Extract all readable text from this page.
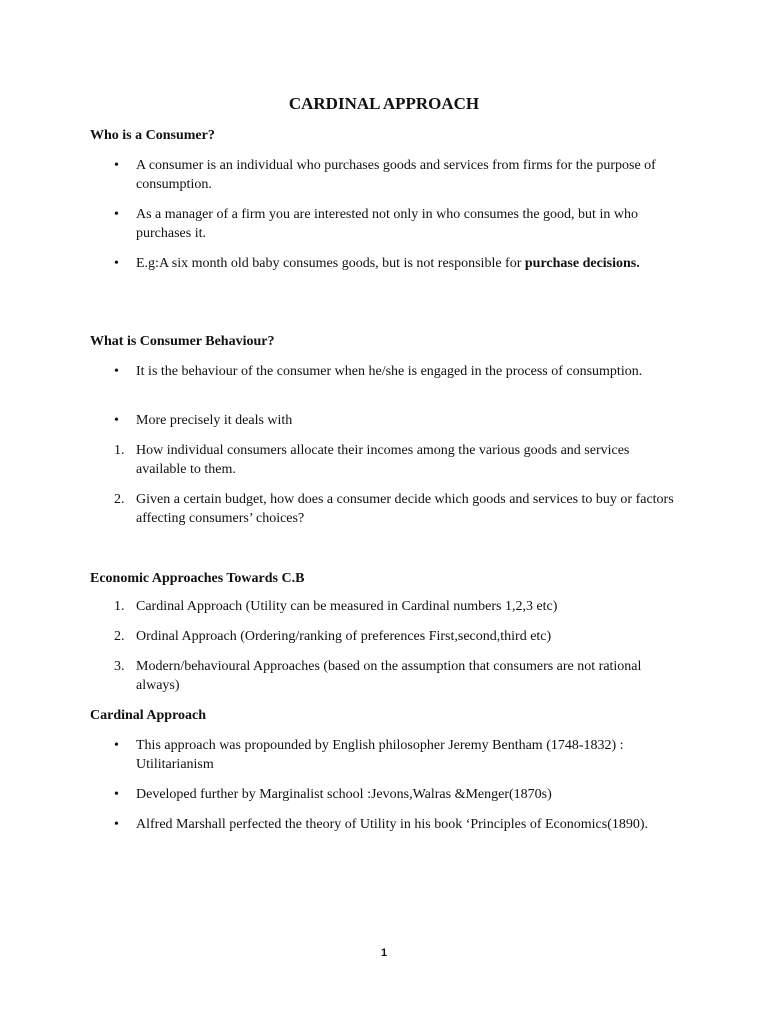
CARDINAL APPROACH
Who is a Consumer?
•	A consumer is an individual who purchases goods and services from firms for the purpose of consumption.
•	As a manager of a firm you are interested not only in who consumes the good, but in who purchases it.
•	E.g:A six month old baby consumes goods, but is not responsible for purchase decisions.
What is Consumer Behaviour?
•	It is the behaviour of the consumer when he/she is engaged in the process of consumption.
•	More precisely it deals with
1. How individual consumers allocate their incomes among the various goods and services available to them.
2. Given a certain budget, how does a consumer decide which goods and services to buy or factors affecting consumers’ choices?
Economic Approaches Towards C.B
1. Cardinal Approach (Utility can be measured in Cardinal numbers 1,2,3 etc)
2. Ordinal Approach (Ordering/ranking of preferences First,second,third etc)
3. Modern/behavioural Approaches (based on the assumption that consumers are not rational always)
Cardinal Approach
•	This approach was propounded by English philosopher Jeremy Bentham (1748-1832) : Utilitarianism
•	Developed further by Marginalist school :Jevons,Walras &Menger(1870s)
•	Alfred Marshall perfected the theory of Utility in his book ‘Principles of Economics(1890).
1
